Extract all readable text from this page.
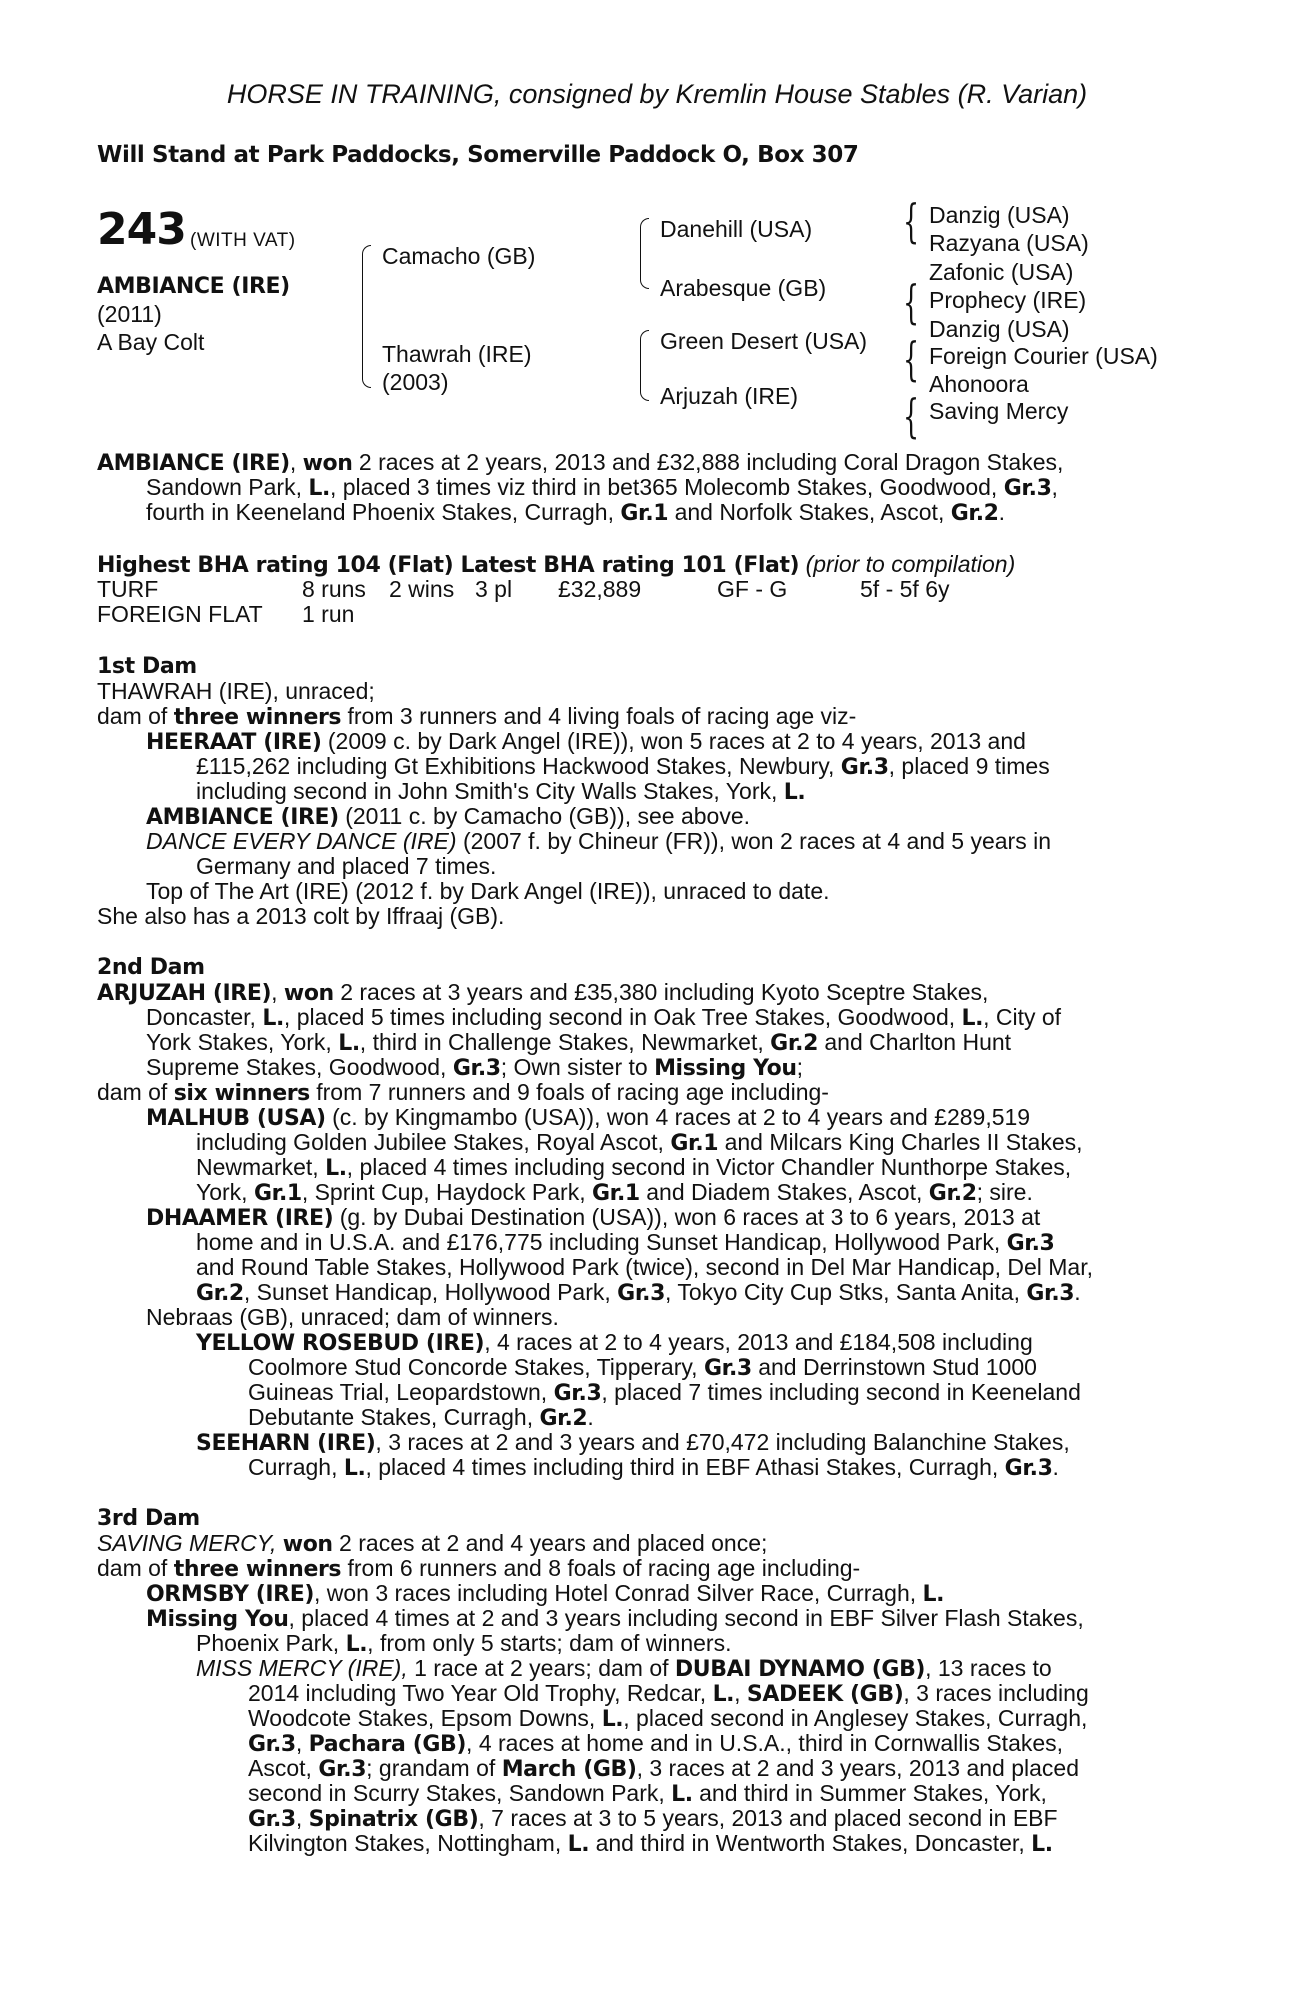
HORSE IN TRAINING, consigned by Kremlin House Stables (R. Varian)
Will Stand at Park Paddocks, Somerville Paddock O, Box 307
243 (WITH VAT)
AMBIANCE (IRE)
(2011)
A Bay Colt
Camacho (GB)
Thawrah (IRE)
(2003)
Danehill (USA)
Arabesque (GB)
Green Desert (USA)
Arjuzah (IRE)
{
{
{
{
Danzig (USA)
Razyana (USA)
Zafonic (USA)
Prophecy (IRE)
Danzig (USA)
Foreign Courier (USA)
Ahonoora
Saving Mercy
AMBIANCE (IRE), won 2 races at 2 years, 2013 and £32,888 including Coral Dragon Stakes,
Sandown Park, L., placed 3 times viz third in bet365 Molecomb Stakes, Goodwood, Gr.3,
fourth in Keeneland Phoenix Stakes, Curragh, Gr.1 and Norfolk Stakes, Ascot, Gr.2.
Highest BHA rating 104 (Flat) Latest BHA rating 101 (Flat) (prior to compilation)
TURF	8 runs 2 wins 3 pl £32,889	GF - G	5f - 5f 6y
FOREIGN FLAT 1 run
1st Dam
THAWRAH (IRE), unraced;
dam of three winners from 3 runners and 4 living foals of racing age viz-
HEERAAT (IRE) (2009 c. by Dark Angel (IRE)), won 5 races at 2 to 4 years, 2013 and
£115,262 including Gt Exhibitions Hackwood Stakes, Newbury, Gr.3, placed 9 times
including second in John Smith's City Walls Stakes, York, L.
AMBIANCE (IRE) (2011 c. by Camacho (GB)), see above.
DANCE EVERY DANCE (IRE) (2007 f. by Chineur (FR)), won 2 races at 4 and 5 years in
Germany and placed 7 times.
Top of The Art (IRE) (2012 f. by Dark Angel (IRE)), unraced to date.
She also has a 2013 colt by Iffraaj (GB).
2nd Dam
ARJUZAH (IRE), won 2 races at 3 years and £35,380 including Kyoto Sceptre Stakes,
Doncaster, L., placed 5 times including second in Oak Tree Stakes, Goodwood, L., City of
York Stakes, York, L., third in Challenge Stakes, Newmarket, Gr.2 and Charlton Hunt
Supreme Stakes, Goodwood, Gr.3; Own sister to Missing You;
dam of six winners from 7 runners and 9 foals of racing age including-
MALHUB (USA) (c. by Kingmambo (USA)), won 4 races at 2 to 4 years and £289,519
including Golden Jubilee Stakes, Royal Ascot, Gr.1 and Milcars King Charles II Stakes,
Newmarket, L., placed 4 times including second in Victor Chandler Nunthorpe Stakes,
York, Gr.1, Sprint Cup, Haydock Park, Gr.1 and Diadem Stakes, Ascot, Gr.2; sire.
DHAAMER (IRE) (g. by Dubai Destination (USA)), won 6 races at 3 to 6 years, 2013 at
home and in U.S.A. and £176,775 including Sunset Handicap, Hollywood Park, Gr.3
and Round Table Stakes, Hollywood Park (twice), second in Del Mar Handicap, Del Mar,
Gr.2, Sunset Handicap, Hollywood Park, Gr.3, Tokyo City Cup Stks, Santa Anita, Gr.3.
Nebraas (GB), unraced; dam of winners.
YELLOW ROSEBUD (IRE), 4 races at 2 to 4 years, 2013 and £184,508 including
Coolmore Stud Concorde Stakes, Tipperary, Gr.3 and Derrinstown Stud 1000
Guineas Trial, Leopardstown, Gr.3, placed 7 times including second in Keeneland
Debutante Stakes, Curragh, Gr.2.
SEEHARN (IRE), 3 races at 2 and 3 years and £70,472 including Balanchine Stakes,
Curragh, L., placed 4 times including third in EBF Athasi Stakes, Curragh, Gr.3.
3rd Dam
SAVING MERCY, won 2 races at 2 and 4 years and placed once;
dam of three winners from 6 runners and 8 foals of racing age including-
ORMSBY (IRE), won 3 races including Hotel Conrad Silver Race, Curragh, L.
Missing You, placed 4 times at 2 and 3 years including second in EBF Silver Flash Stakes,
Phoenix Park, L., from only 5 starts; dam of winners.
MISS MERCY (IRE), 1 race at 2 years; dam of DUBAI DYNAMO (GB), 13 races to
2014 including Two Year Old Trophy, Redcar, L., SADEEK (GB), 3 races including
Woodcote Stakes, Epsom Downs, L., placed second in Anglesey Stakes, Curragh,
Gr.3, Pachara (GB), 4 races at home and in U.S.A., third in Cornwallis Stakes,
Ascot, Gr.3; grandam of March (GB), 3 races at 2 and 3 years, 2013 and placed
second in Scurry Stakes, Sandown Park, L. and third in Summer Stakes, York,
Gr.3, Spinatrix (GB), 7 races at 3 to 5 years, 2013 and placed second in EBF
Kilvington Stakes, Nottingham, L. and third in Wentworth Stakes, Doncaster, L.
